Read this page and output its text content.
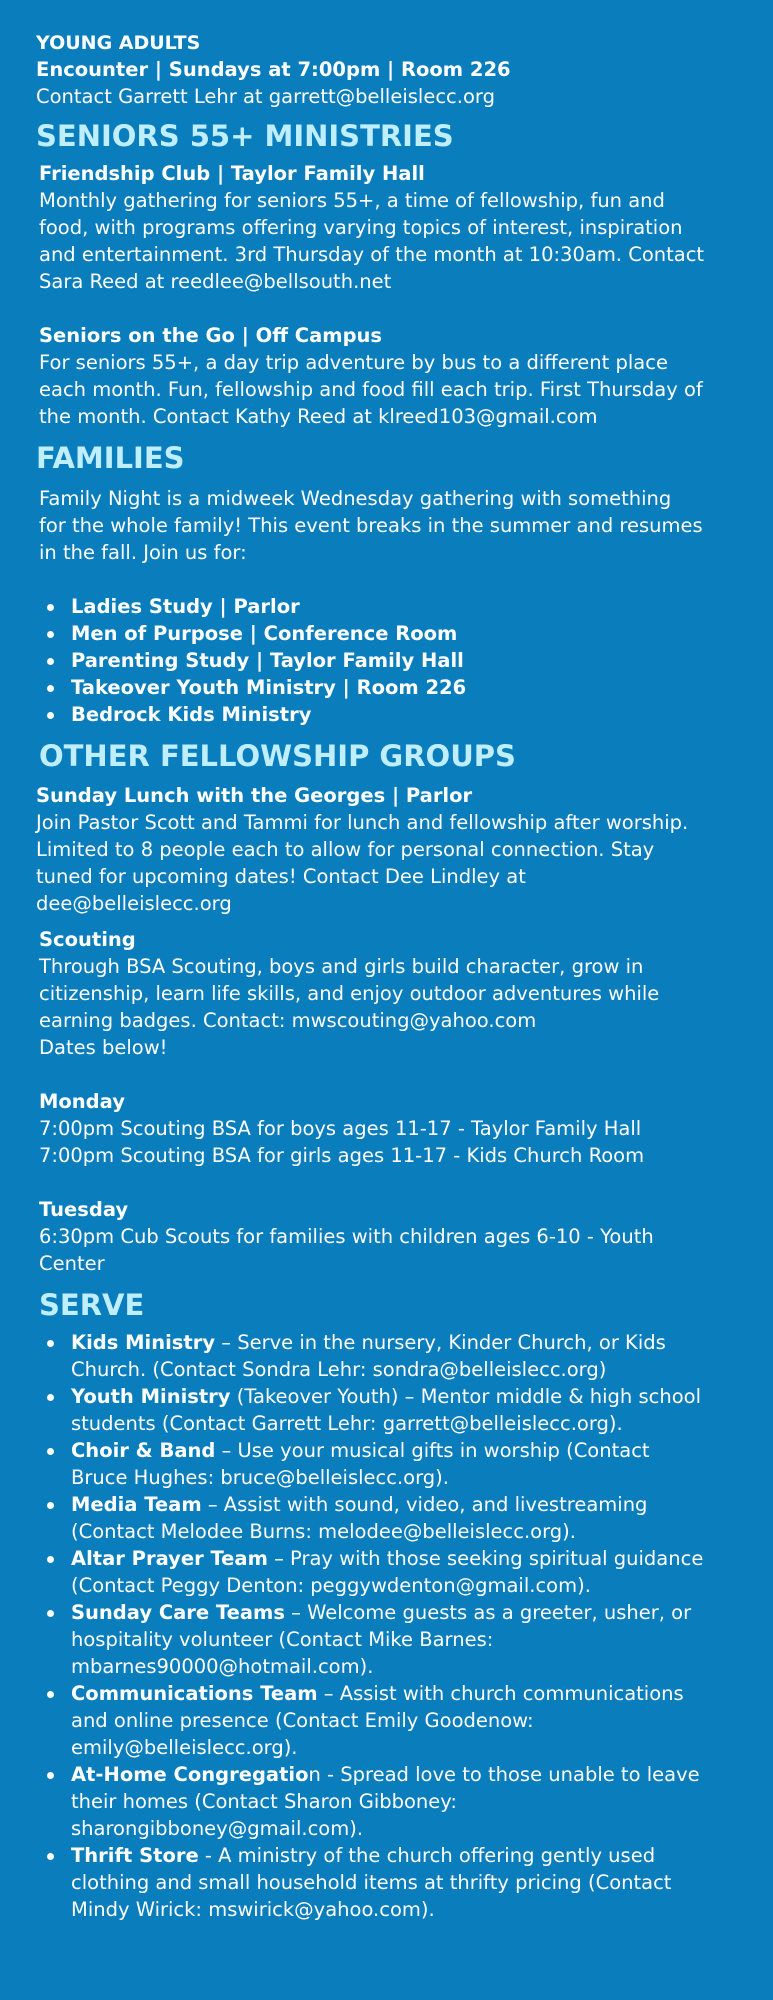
YOUNG ADULTS
Encounter | Sundays at 7:00pm | Room 226
Contact Garrett Lehr at garrett@belleislecc.org
SENIORS 55+ MINISTRIES
Friendship Club | Taylor Family Hall
Monthly gathering for seniors 55+, a time of fellowship, fun and
food, with programs offering varying topics of interest, inspiration
and entertainment. 3rd Thursday of the month at 10:30am. Contact
Sara Reed at reedlee@bellsouth.net
Seniors on the Go | Off Campus
For seniors 55+, a day trip adventure by bus to a different place
each month. Fun, fellowship and food fill each trip. First Thursday of
the month. Contact Kathy Reed at klreed103@gmail.com
FAMILIES
Family Night is a midweek Wednesday gathering with something
for the whole family! This event breaks in the summer and resumes
in the fall. Join us for:
Ladies Study | Parlor
Men of Purpose | Conference Room
Parenting Study | Taylor Family Hall
Takeover Youth Ministry | Room 226
Bedrock Kids Ministry
OTHER FELLOWSHIP GROUPS
Sunday Lunch with the Georges | Parlor
Join Pastor Scott and Tammi for lunch and fellowship after worship.
Limited to 8 people each to allow for personal connection. Stay
tuned for upcoming dates! Contact Dee Lindley at
dee@belleislecc.org
Scouting
Through BSA Scouting, boys and girls build character, grow in
citizenship, learn life skills, and enjoy outdoor adventures while
earning badges. Contact: mwscouting@yahoo.com
Dates below!
Monday
7:00pm Scouting BSA for boys ages 11-17 - Taylor Family Hall
7:00pm Scouting BSA for girls ages 11-17 - Kids Church Room
Tuesday
6:30pm Cub Scouts for families with children ages 6-10 - Youth
Center
SERVE
Kids Ministry – Serve in the nursery, Kinder Church, or Kids
Church. (Contact Sondra Lehr: sondra@belleislecc.org)
Youth Ministry (Takeover Youth) – Mentor middle & high school
students (Contact Garrett Lehr: garrett@belleislecc.org).
Choir & Band – Use your musical gifts in worship (Contact
Bruce Hughes: bruce@belleislecc.org).
Media Team – Assist with sound, video, and livestreaming
(Contact Melodee Burns: melodee@belleislecc.org).
Altar Prayer Team – Pray with those seeking spiritual guidance
(Contact Peggy Denton: peggywdenton@gmail.com).
Sunday Care Teams – Welcome guests as a greeter, usher, or
hospitality volunteer (Contact Mike Barnes:
mbarnes90000@hotmail.com).
Communications Team – Assist with church communications
and online presence (Contact Emily Goodenow:
emily@belleislecc.org).
At-Home Congregation - Spread love to those unable to leave
their homes (Contact Sharon Gibboney:
sharongibboney@gmail.com).
Thrift Store - A ministry of the church offering gently used
clothing and small household items at thrifty pricing (Contact
Mindy Wirick: mswirick@yahoo.com).
